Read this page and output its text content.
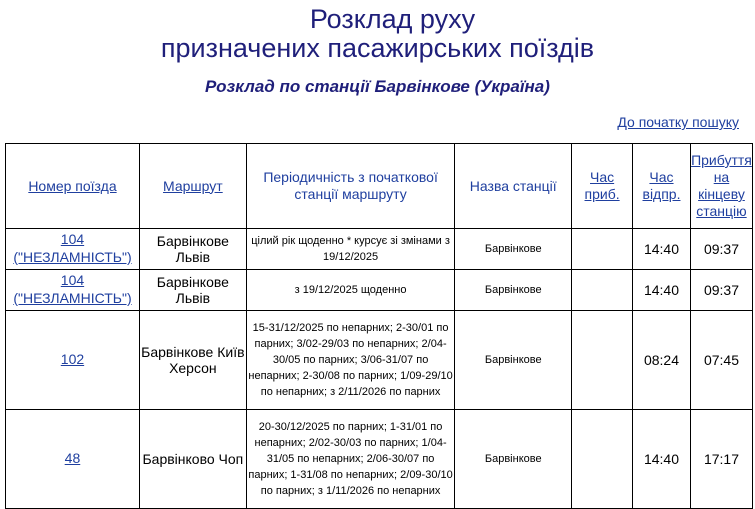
Розклад руху
призначених пасажирських поїздів
Розклад по станції Барвінкове (Україна)
До початку пошуку
Номер поїзда	Маршрут	Періодичність з початкової станції маршруту	Назва станції	Час приб.	Час відпр.	Прибуття на кінцеву станцію
104 ("НЕЗЛАМНІСТЬ")	Барвінкове Львів	цілий рік щоденно * курсує зі змінами з 19/12/2025	Барвінкове		14:40	09:37
104 ("НЕЗЛАМНІСТЬ")	Барвінкове Львів	з 19/12/2025 щоденно	Барвінкове		14:40	09:37
102	Барвінкове Київ Херсон	15-31/12/2025 по непарних; 2-30/01 по парних; 3/02-29/03 по непарних; 2/04-30/05 по парних; 3/06-31/07 по непарних; 2-30/08 по парних; 1/09-29/10 по непарних; з 2/11/2026 по парних	Барвінкове		08:24	07:45
48	Барвінково Чоп	20-30/12/2025 по парних; 1-31/01 по непарних; 2/02-30/03 по парних; 1/04-31/05 по непарних; 2/06-30/07 по парних; 1-31/08 по непарних; 2/09-30/10 по парних; з 1/11/2026 по непарних	Барвінкове		14:40	17:17
